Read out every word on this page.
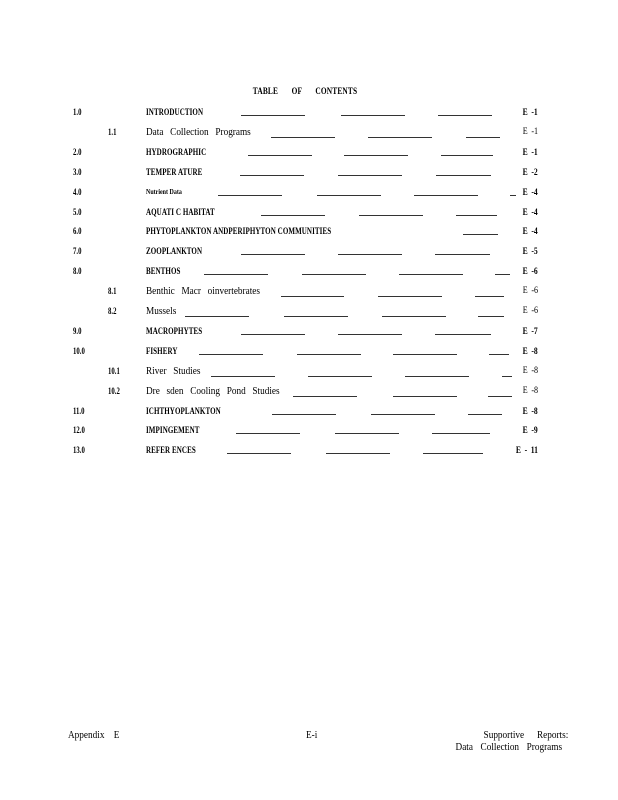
TABLE OF CONTENTS
1.0	INTRODUCTION	E -1
1.1	Data Collection Programs	E -1
2.0	HYDROGRAPHIC	E -1
3.0	TEMPER ATURE	E -2
4.0	Nutrient Data	E -4
5.0	AQUATI C HABITAT	E -4
6.0	PHYTOPLANKTON ANDPERIPHYTON COMMUNITIES	E -4
7.0	ZOOPLANKTON	E -5
8.0	BENTHOS	E -6
8.1	Benthic Macr oinvertebrates	E -6
8.2	Mussels	E -6
9.0	MACROPHYTES	E -7
10.0	FISHERY	E -8
10.1 River Studies	E -8
10.2 Dre sden Cooling Pond Studies	E -8
11.0	ICHTHYOPLANKTON	E -8
12.0	IMPINGEMENT	E -9
13.0	REFER ENCES	E - 11
Appendix E	E-i	Supportive Reports:
Data Collection Programs
